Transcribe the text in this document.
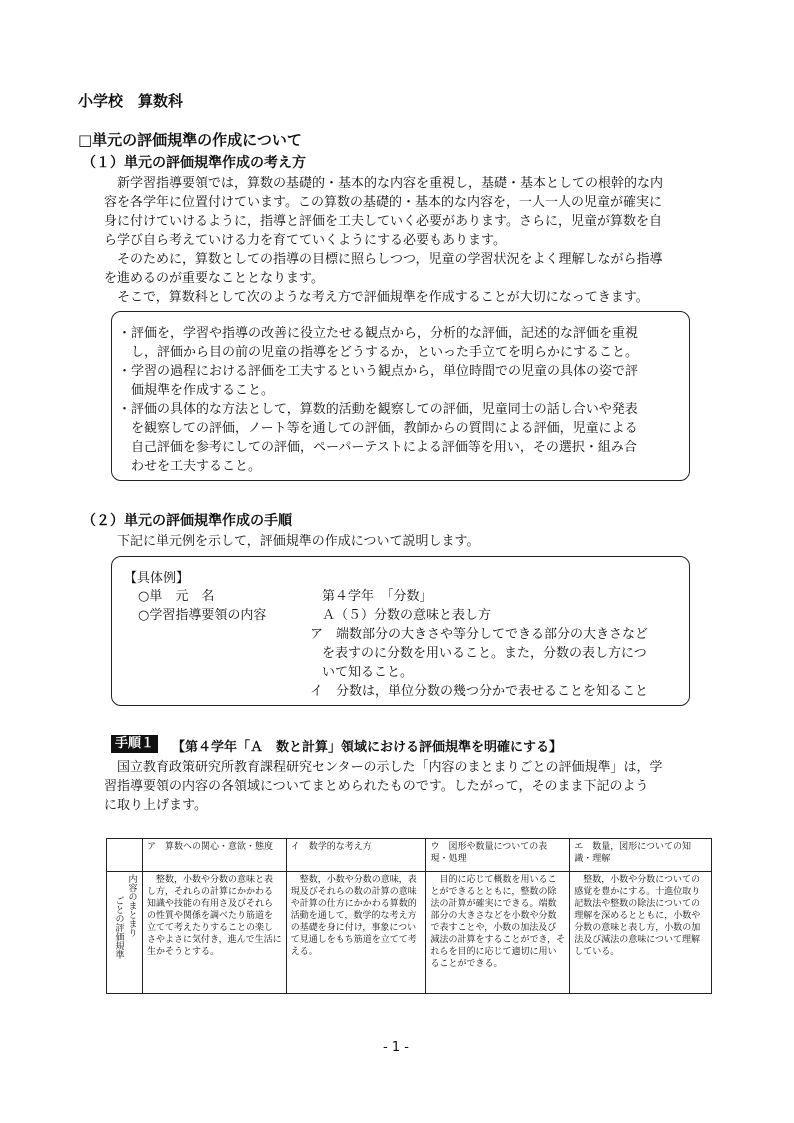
小学校　算数科
□単元の評価規準の作成について
（１）単元の評価規準作成の考え方
　新学習指導要領では，算数の基礎的・基本的な内容を重視し，基礎・基本としての根幹的な内
容を各学年に位置付けています。この算数の基礎的・基本的な内容を，一人一人の児童が確実に
身に付けていけるように，指導と評価を工夫していく必要があります。さらに，児童が算数を自
ら学び自ら考えていける力を育てていくようにする必要もあります。
　そのために，算数としての指導の目標に照らしつつ，児童の学習状況をよく理解しながら指導
を進めるのが重要なこととなります。
　そこで，算数科として次のような考え方で評価規準を作成することが大切になってきます。
・評価を，学習や指導の改善に役立たせる観点から，分析的な評価，記述的な評価を重視
　し，評価から目の前の児童の指導をどうするか，といった手立てを明らかにすること。
・学習の過程における評価を工夫するという観点から，単位時間での児童の具体の姿で評
　価規準を作成すること。
・評価の具体的な方法として，算数的活動を観察しての評価，児童同士の話し合いや発表
　を観察しての評価，ノート等を通しての評価，教師からの質問による評価，児童による
　自己評価を参考にしての評価，ペーパーテストによる評価等を用い，その選択・組み合
　わせを工夫すること。
（２）単元の評価規準作成の手順
下記に単元例を示して，評価規準の作成について説明します。
【具体例】
○単　元　名	第４学年　「分数」
○学習指導要領の内容	Ａ（５）分数の意味と表し方
ア　端数部分の大きさや等分してできる部分の大きさなど
を表すのに分数を用いること。また，分数の表し方につ
いて知ること。
イ　分数は，単位分数の幾つ分かで表せることを知ること
手順１	【第４学年「Ａ　数と計算」領域における評価規準を明確にする】
国立教育政策研究所教育課程研究センターの示した「内容のまとまりごとの評価規準」は，学
習指導要領の内容の各領域についてまとめられたものです。したがって，そのまま下記のよう
に取り上げます。
	ア　算数への関心・意欲・態度	イ　数学的な考え方	ウ　図形や数量についての表現・処理	エ　数量，図形についての知識・理解

内容のまとまり
ごとの評価規準	　整数，小数や分数の意味と表し方，それらの計算にかかわる知識や技能の有用さ及びそれらの性質や関係を調べたり筋道を立てて考えたりすることの楽しさやよさに気付き，進んで生活に生かそうとする。	　整数，小数や分数の意味，表現及びそれらの数の計算の意味や計算の仕方にかかわる算数的活動を通して，数学的な考え方の基礎を身に付け，事象について見通しをもち筋道を立てて考える。	　目的に応じて概数を用いることができるとともに，整数の除法の計算が確実にできる。端数部分の大きさなどを小数や分数で表すことや，小数の加法及び減法の計算をすることができ，それらを目的に応じて適切に用いることができる。	　整数，小数や分数についての感覚を豊かにする。十進位取り記数法や整数の除法についての理解を深めるとともに，小数や分数の意味と表し方，小数の加法及び減法の意味について理解している。
- 1 -
